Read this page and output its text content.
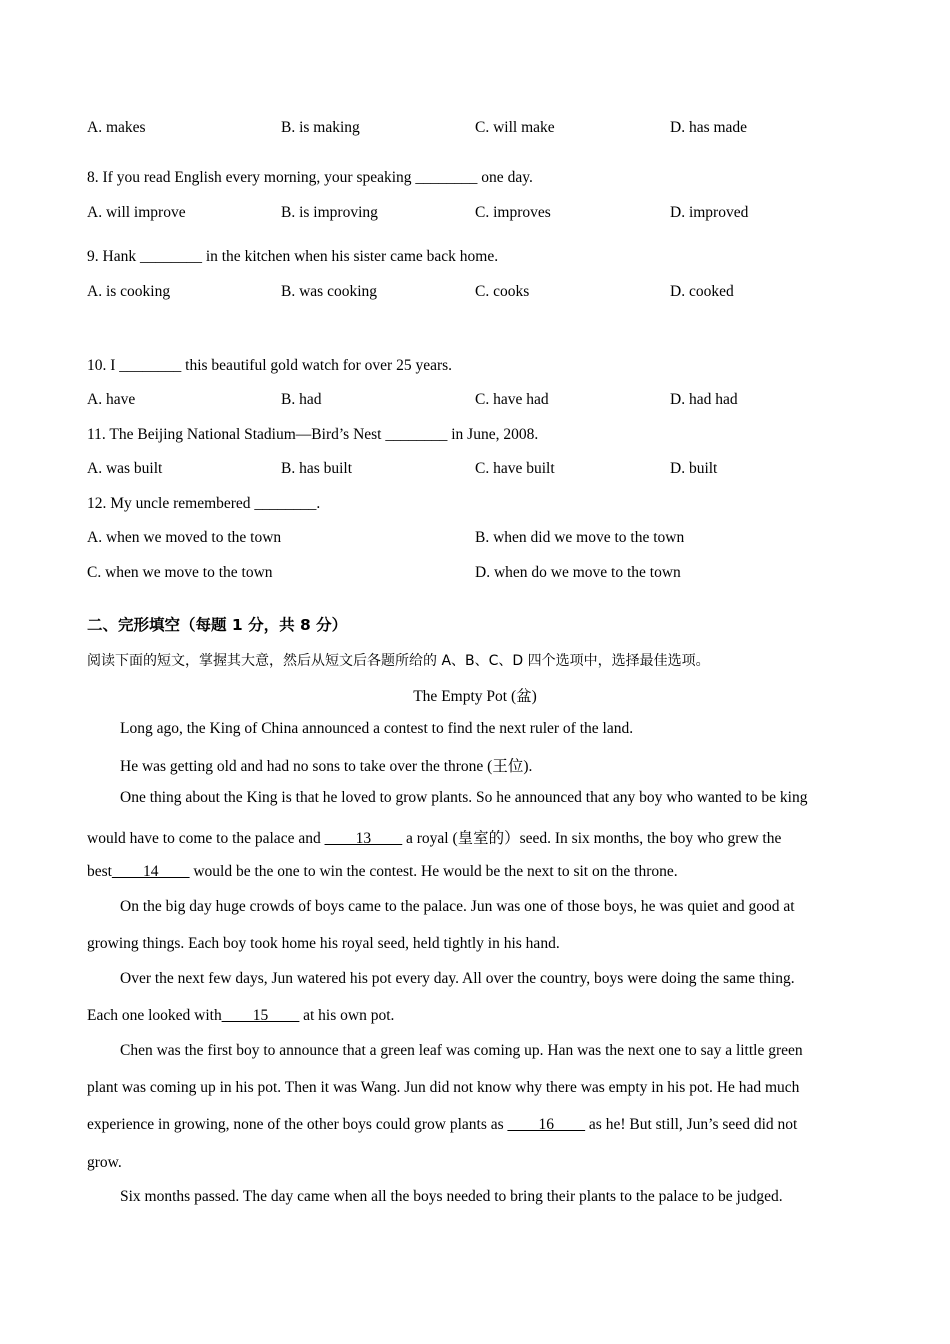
A. makes	B. is making	C. will make	D. has made
8. If you read English every morning, your speaking ________ one day.
A. will improve	B. is improving	C. improves	D. improved
9. Hank ________ in the kitchen when his sister came back home.
A. is cooking	B. was cooking	C. cooks	D. cooked
10. I ________ this beautiful gold watch for over 25 years.
A. have	B. had	C. have had	D. had had
11. The Beijing National Stadium—Bird’s Nest ________ in June, 2008.
A. was built	B. has built	C. have built	D. built
12. My uncle remembered ________.
A. when we moved to the town	B. when did we move to the town
C. when we move to the town	D. when do we move to the town
二、完形填空（每题 1 分，共 8 分）
阅读下面的短文，掌握其大意，然后从短文后各题所给的 A、B、C、D 四个选项中，选择最佳选项。
The Empty Pot (盆)
Long ago, the King of China announced a contest to find the next ruler of the land.
He was getting old and had no sons to take over the throne (王位).
One thing about the King is that he loved to grow plants. So he announced that any boy who wanted to be king
would have to come to the palace and ____13____ a royal (皇室的）seed. In six months, the boy who grew the
best____14____ would be the one to win the contest. He would be the next to sit on the throne.
On the big day huge crowds of boys came to the palace. Jun was one of those boys, he was quiet and good at
growing things. Each boy took home his royal seed, held tightly in his hand.
Over the next few days, Jun watered his pot every day. All over the country, boys were doing the same thing.
Each one looked with____15____ at his own pot.
Chen was the first boy to announce that a green leaf was coming up. Han was the next one to say a little green
plant was coming up in his pot. Then it was Wang. Jun did not know why there was empty in his pot. He had much
experience in growing, none of the other boys could grow plants as ____16____ as he! But still, Jun’s seed did not
grow.
Six months passed. The day came when all the boys needed to bring their plants to the palace to be judged.
